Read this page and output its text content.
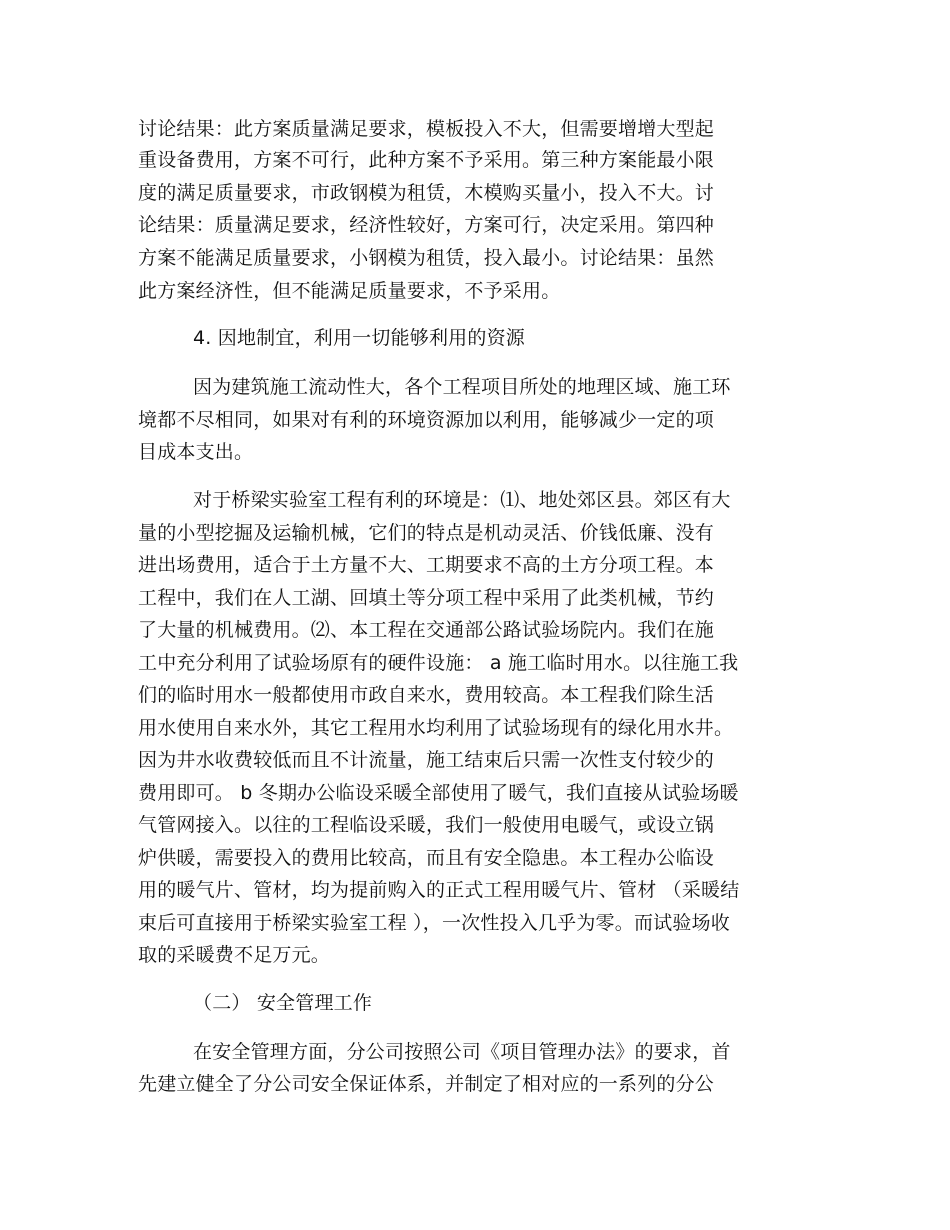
讨论结果：此方案质量满足要求，模板投入不大，但需要增增大型起
重设备费用，方案不可行，此种方案不予采用。第三种方案能最小限
度的满足质量要求，市政钢模为租赁，木模购买量小，投入不大。讨
论结果：质量满足要求，经济性较好，方案可行，决定采用。第四种
方案不能满足质量要求，小钢模为租赁，投入最小。讨论结果：虽然
此方案经济性，但不能满足质量要求，不予采用。
4. 因地制宜，利用一切能够利用的资源
因为建筑施工流动性大，各个工程项目所处的地理区域、施工环
境都不尽相同，如果对有利的环境资源加以利用，能够减少一定的项
目成本支出。
对于桥梁实验室工程有利的环境是：⑴、地处郊区县。郊区有大
量的小型挖掘及运输机械，它们的特点是机动灵活、价钱低廉、没有
进出场费用，适合于土方量不大、工期要求不高的土方分项工程。本
工程中，我们在人工湖、回填土等分项工程中采用了此类机械，节约
了大量的机械费用。⑵、本工程在交通部公路试验场院内。我们在施
工中充分利用了试验场原有的硬件设施： a 施工临时用水。以往施工我
们的临时用水一般都使用市政自来水，费用较高。本工程我们除生活
用水使用自来水外，其它工程用水均利用了试验场现有的绿化用水井。
因为井水收费较低而且不计流量，施工结束后只需一次性支付较少的
费用即可。 b 冬期办公临设采暖全部使用了暖气，我们直接从试验场暖
气管网接入。以往的工程临设采暖，我们一般使用电暖气，或设立锅
炉供暖，需要投入的费用比较高，而且有安全隐患。本工程办公临设
用的暖气片、管材，均为提前购入的正式工程用暖气片、管材 （采暖结
束后可直接用于桥梁实验室工程 ），一次性投入几乎为零。而试验场收
取的采暖费不足万元。
（二） 安全管理工作
在安全管理方面，分公司按照公司《项目管理办法》的要求，首
先建立健全了分公司安全保证体系，并制定了相对应的一系列的分公
